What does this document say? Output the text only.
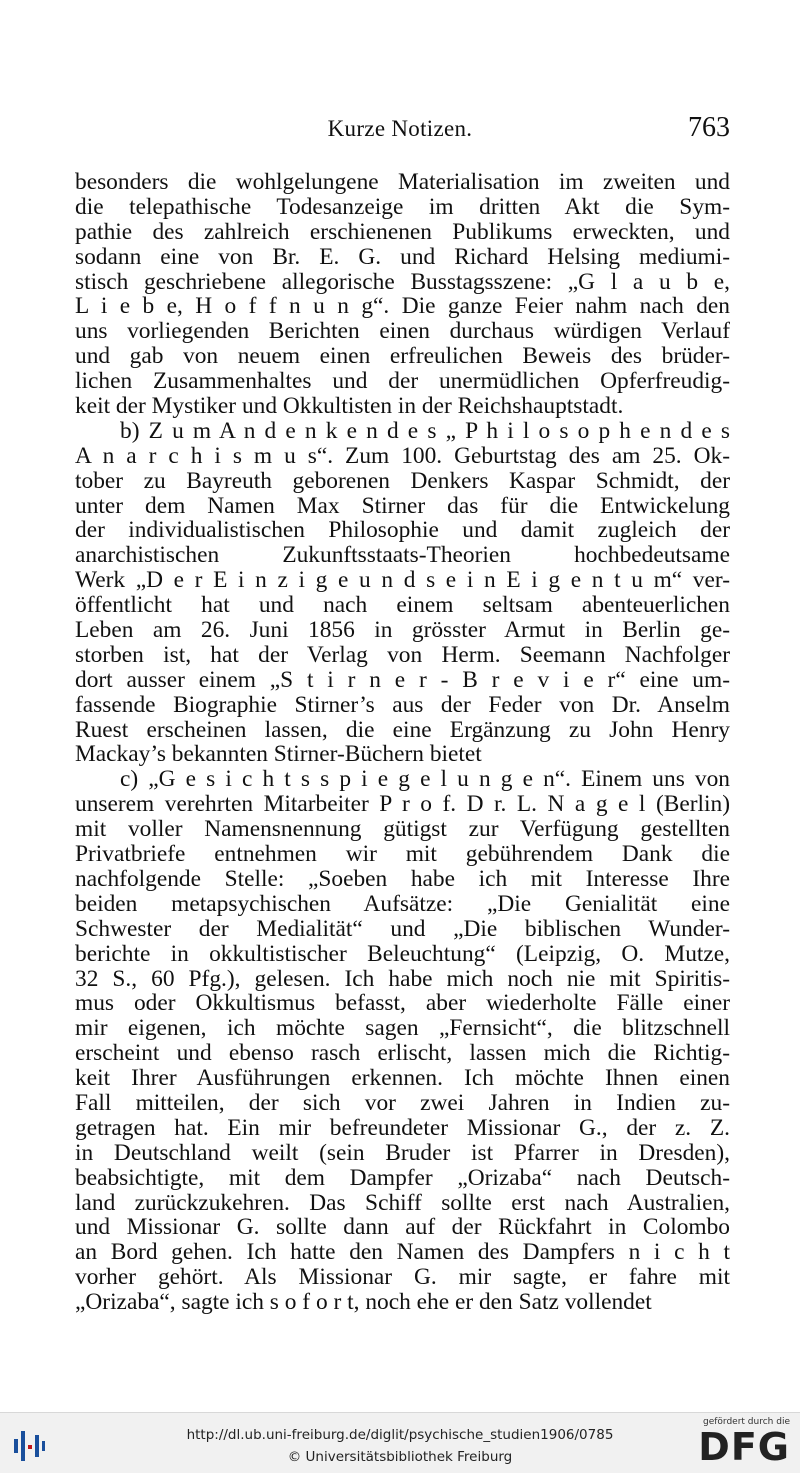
Kurze Notizen.	763
besonders die wohlgelungene Materialisation im zweiten und
die telepathische Todesanzeige im dritten Akt die Sym-
pathie des zahlreich erschienenen Publikums erweckten, und
sodann eine von Br. E. G. und Richard Helsing mediumi-
stisch geschriebene allegorische Busstagsszene: „G l a u b e,
L i e b e, H o f f n u n g“. Die ganze Feier nahm nach den
uns vorliegenden Berichten einen durchaus würdigen Verlauf
und gab von neuem einen erfreulichen Beweis des brüder-
lichen Zusammenhaltes und der unermüdlichen Opferfreudig-
keit der Mystiker und Okkultisten in der Reichshauptstadt.
b) Z u m A n d e n k e n d e s „ P h i l o s o p h e n d e s
A n a r c h i s m u s“. Zum 100. Geburtstag des am 25. Ok-
tober zu Bayreuth geborenen Denkers Kaspar Schmidt, der
unter dem Namen Max Stirner das für die Entwickelung
der individualistischen Philosophie und damit zugleich der
anarchistischen Zukunftsstaats-Theorien hochbedeutsame
Werk „D e r E i n z i g e u n d s e i n E i g e n t u m“ ver-
öffentlicht hat und nach einem seltsam abenteuerlichen
Leben am 26. Juni 1856 in grösster Armut in Berlin ge-
storben ist, hat der Verlag von Herm. Seemann Nachfolger
dort ausser einem „S t i r n e r - B r e v i e r“ eine um-
fassende Biographie Stirner’s aus der Feder von Dr. Anselm
Ruest erscheinen lassen, die eine Ergänzung zu John Henry
Mackay’s bekannten Stirner-Büchern bietet
c) „G e s i c h t s s p i e g e l u n g e n“. Einem uns von
unserem verehrten Mitarbeiter P r o f. D r. L. N a g e l (Berlin)
mit voller Namensnennung gütigst zur Verfügung gestellten
Privatbriefe entnehmen wir mit gebührendem Dank die
nachfolgende Stelle: „Soeben habe ich mit Interesse Ihre
beiden metapsychischen Aufsätze: „Die Genialität eine
Schwester der Medialität“ und „Die biblischen Wunder-
berichte in okkultistischer Beleuchtung“ (Leipzig, O. Mutze,
32 S., 60 Pfg.), gelesen. Ich habe mich noch nie mit Spiritis-
mus oder Okkultismus befasst, aber wiederholte Fälle einer
mir eigenen, ich möchte sagen „Fernsicht“, die blitzschnell
erscheint und ebenso rasch erlischt, lassen mich die Richtig-
keit Ihrer Ausführungen erkennen. Ich möchte Ihnen einen
Fall mitteilen, der sich vor zwei Jahren in Indien zu-
getragen hat. Ein mir befreundeter Missionar G., der z. Z.
in Deutschland weilt (sein Bruder ist Pfarrer in Dresden),
beabsichtigte, mit dem Dampfer „Orizaba“ nach Deutsch-
land zurückzukehren. Das Schiff sollte erst nach Australien,
und Missionar G. sollte dann auf der Rückfahrt in Colombo
an Bord gehen. Ich hatte den Namen des Dampfers n i c h t
vorher gehört. Als Missionar G. mir sagte, er fahre mit
„Orizaba“, sagte ich s o f o r t, noch ehe er den Satz vollendet
http://dl.ub.uni-freiburg.de/diglit/psychische_studien1906/0785
© Universitätsbibliothek Freiburg
gefördert durch die
DFG
